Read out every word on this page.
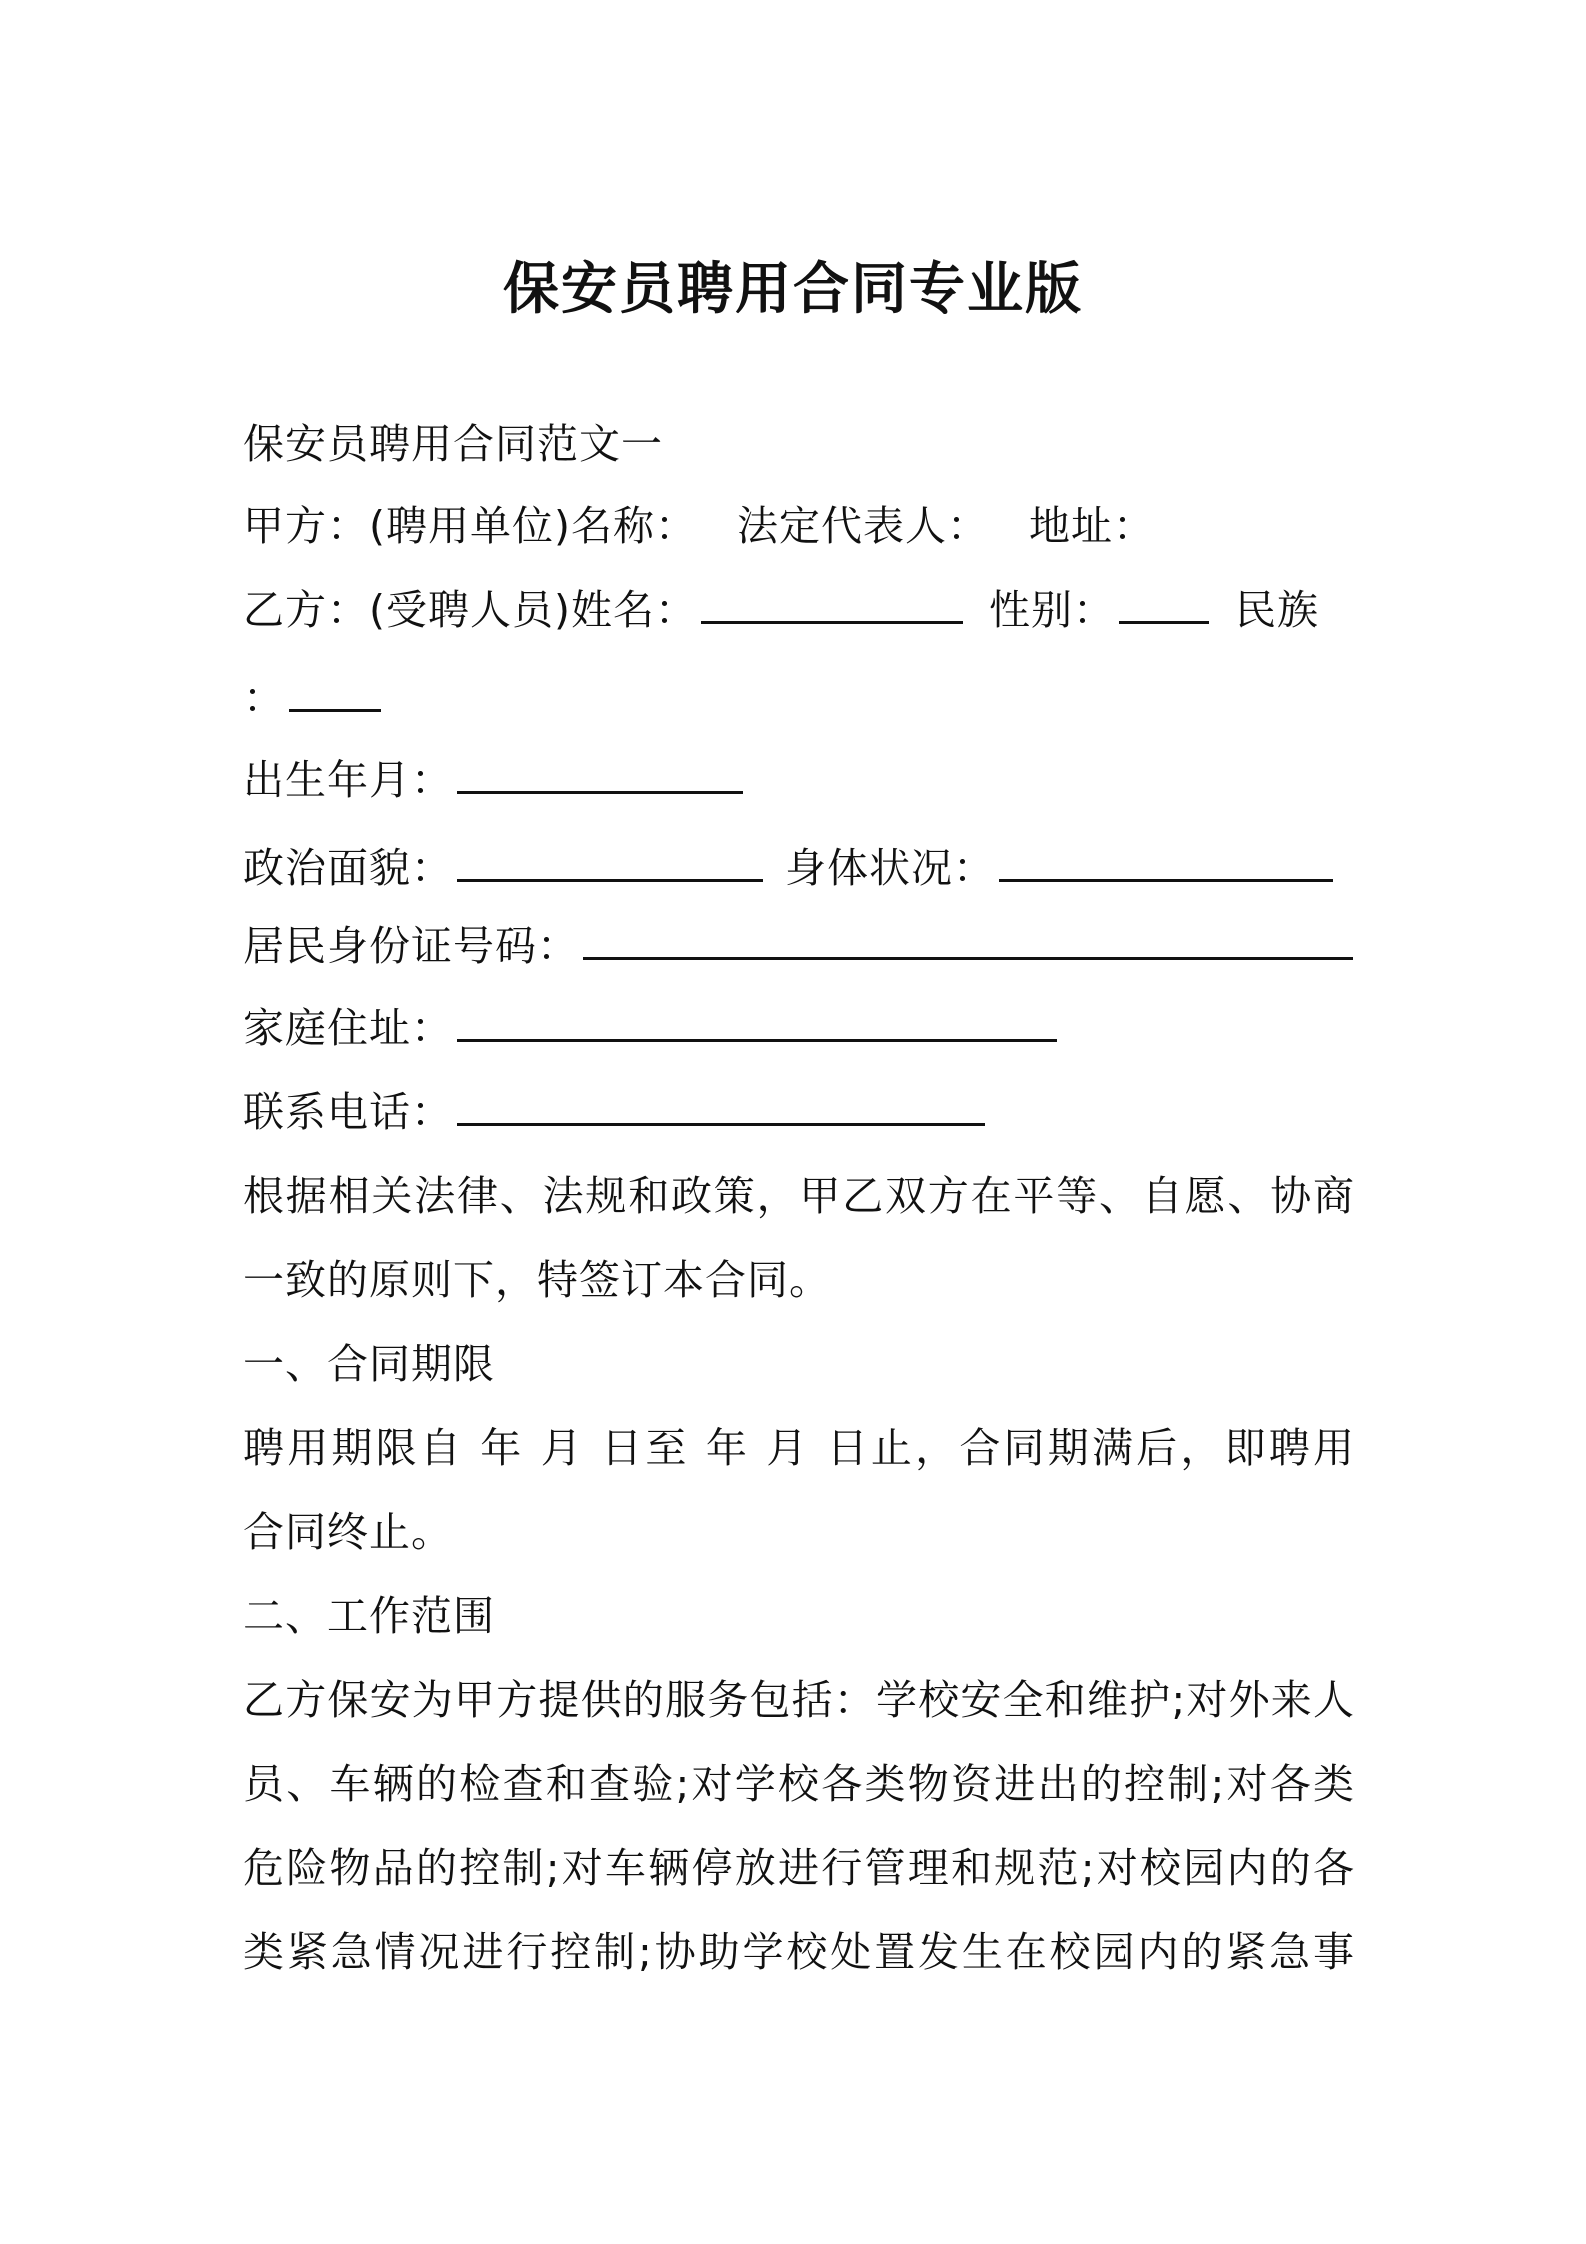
保安员聘用合同专业版
保安员聘用合同范文一
甲方：(聘用单位)名称： 法定代表人： 地址：
乙方：(受聘人员)姓名：	性别：	民族
：
出生年月：
政治面貌：	身体状况：
居民身份证号码：
家庭住址：
联系电话：
根据相关法律、法规和政策，甲乙双方在平等、自愿、协商
一致的原则下，特签订本合同。
一、合同期限
聘用期限自 年 月 日至 年 月 日止，合同期满后，即聘用
合同终止。
二、工作范围
乙方保安为甲方提供的服务包括：学校安全和维护;对外来人
员、车辆的检查和查验;对学校各类物资进出的控制;对各类
危险物品的控制;对车辆停放进行管理和规范;对校园内的各
类紧急情况进行控制;协助学校处置发生在校园内的紧急事
